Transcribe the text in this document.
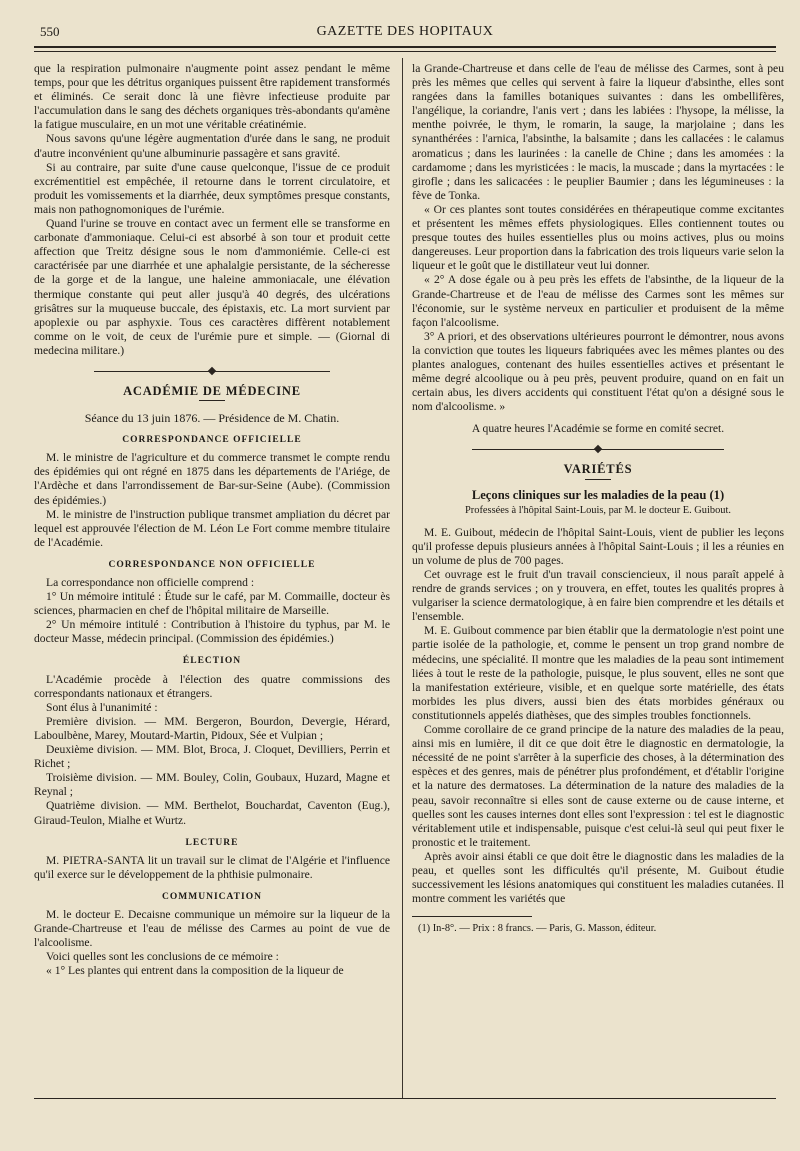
550	GAZETTE DES HOPITAUX

que la respiration pulmonaire n'augmente point assez pendant le même temps, pour que les détritus organiques puissent être rapidement transformés et éliminés. Ce serait donc là une fièvre infectieuse produite par l'accumulation dans le sang des déchets organiques très-abondants qu'amène la fatigue musculaire, en un mot une véritable créatinémie.

Nous savons qu'une légère augmentation d'urée dans le sang, ne produit d'autre inconvénient qu'une albuminurie passagère et sans gravité.

Si au contraire, par suite d'une cause quelconque, l'issue de ce produit excrémentitiel est empêchée, il retourne dans le torrent circulatoire, et produit les vomissements et la diarrhée, deux symptômes presque constants, mais non pathognomoniques de l'urémie.

Quand l'urine se trouve en contact avec un ferment elle se transforme en carbonate d'ammoniaque. Celui-ci est absorbé à son tour et produit cette affection que Treitz désigne sous le nom d'ammoniémie. Celle-ci est caractérisée par une diarrhée et une aphalalgie persistante, de la sécheresse de la gorge et de la langue, une haleine ammoniacale, une élévation thermique constante qui peut aller jusqu'à 40 degrés, des ulcérations grisâtres sur la muqueuse buccale, des épistaxis, etc. La mort survient par apoplexie ou par asphyxie. Tous ces caractères diffèrent notablement comme on le voit, de ceux de l'urémie pure et simple. — (Giornal di medecina militare.)

ACADÉMIE DE MÉDECINE

Séance du 13 juin 1876. — Présidence de M. Chatin.

CORRESPONDANCE OFFICIELLE

M. le ministre de l'agriculture et du commerce transmet le compte rendu des épidémies qui ont régné en 1875 dans les départements de l'Ariége, de l'Ardèche et dans l'arrondissement de Bar-sur-Seine (Aube). (Commission des épidémies.)

M. le ministre de l'instruction publique transmet ampliation du décret par lequel est approuvée l'élection de M. Léon Le Fort comme membre titulaire de l'Académie.

CORRESPONDANCE NON OFFICIELLE

La correspondance non officielle comprend :

1° Un mémoire intitulé : Étude sur le café, par M. Commaille, docteur ès sciences, pharmacien en chef de l'hôpital militaire de Marseille.

2° Un mémoire intitulé : Contribution à l'histoire du typhus, par M. le docteur Masse, médecin principal. (Commission des épidémies.)

ÉLECTION

L'Académie procède à l'élection des quatre commissions des correspondants nationaux et étrangers.

Sont élus à l'unanimité :

Première division. — MM. Bergeron, Bourdon, Devergie, Hérard, Laboulbène, Marey, Moutard-Martin, Pidoux, Sée et Vulpian ;

Deuxième division. — MM. Blot, Broca, J. Cloquet, Devilliers, Perrin et Richet ;

Troisième division. — MM. Bouley, Colin, Goubaux, Huzard, Magne et Reynal ;

Quatrième division. — MM. Berthelot, Bouchardat, Caventon (Eug.), Giraud-Teulon, Mialhe et Wurtz.

LECTURE

M. PIETRA-SANTA lit un travail sur le climat de l'Algérie et l'influence qu'il exerce sur le développement de la phthisie pulmonaire.

COMMUNICATION

M. le docteur E. Decaisne communique un mémoire sur la liqueur de la Grande-Chartreuse et l'eau de mélisse des Carmes au point de vue de l'alcoolisme.

Voici quelles sont les conclusions de ce mémoire :

« 1° Les plantes qui entrent dans la composition de la liqueur de

la Grande-Chartreuse et dans celle de l'eau de mélisse des Carmes, sont à peu près les mêmes que celles qui servent à faire la liqueur d'absinthe, elles sont rangées dans la familles botaniques suivantes : dans les ombellifères, l'angélique, la coriandre, l'anis vert ; dans les labiées : l'hysope, la mélisse, la menthe poivrée, le thym, le romarin, la sauge, la marjolaine ; dans les synanthérées : l'arnica, l'absinthe, la balsamite ; dans les callacées : le calamus aromaticus ; dans les laurinées : la canelle de Chine ; dans les amomées : la cardamome ; dans les myristicées : le macis, la muscade ; dans la myrtacées : le girofle ; dans les salicacées : le peuplier Baumier ; dans les légumineuses : la fève de Tonka.

« Or ces plantes sont toutes considérées en thérapeutique comme excitantes et présentent les mêmes effets physiologiques. Elles contiennent toutes ou presque toutes des huiles essentielles plus ou moins actives, plus ou moins dangereuses. Leur proportion dans la fabrication des trois liqueurs varie selon la liqueur et le goût que le distillateur veut lui donner.

« 2° A dose égale ou à peu près les effets de l'absinthe, de la liqueur de la Grande-Chartreuse et de l'eau de mélisse des Carmes sont les mêmes sur l'économie, sur le système nerveux en particulier et produisent de la même façon l'alcoolisme.

3° A priori, et des observations ultérieures pourront le démontrer, nous avons la conviction que toutes les liqueurs fabriquées avec les mêmes plantes ou des plantes analogues, contenant des huiles essentielles actives et présentant le même degré alcoolique ou à peu près, peuvent produire, quand on en fait un certain abus, les divers accidents qui constituent l'état qu'on a désigné sous le nom d'alcoolisme. »

A quatre heures l'Académie se forme en comité secret.

VARIÉTÉS
Leçons cliniques sur les maladies de la peau (1)
Professées à l'hôpital Saint-Louis, par M. le docteur E. Guibout.

M. E. Guibout, médecin de l'hôpital Saint-Louis, vient de publier les leçons qu'il professe depuis plusieurs années à l'hôpital Saint-Louis ; il les a réunies en un volume de plus de 700 pages.

Cet ouvrage est le fruit d'un travail consciencieux, il nous paraît appelé à rendre de grands services ; on y trouvera, en effet, toutes les qualités propres à vulgariser la science dermatologique, à en faire bien comprendre et les détails et l'ensemble.

M. E. Guibout commence par bien établir que la dermatologie n'est point une partie isolée de la pathologie, et, comme le pensent un trop grand nombre de médecins, une spécialité. Il montre que les maladies de la peau sont intimement liées à tout le reste de la pathologie, puisque, le plus souvent, elles ne sont que la manifestation extérieure, visible, et en quelque sorte matérielle, des états morbides les plus divers, aussi bien des états morbides généraux ou constitutionnels appelés diathèses, que des simples troubles fonctionnels.

Comme corollaire de ce grand principe de la nature des maladies de la peau, ainsi mis en lumière, il dit ce que doit être le diagnostic en dermatologie, la nécessité de ne point s'arrêter à la superficie des choses, à la détermination des espèces et des genres, mais de pénétrer plus profondément, et d'établir l'origine et la nature des dermatoses. La détermination de la nature des maladies de la peau, savoir reconnaître si elles sont de cause externe ou de cause interne, et quelles sont les causes internes dont elles sont l'expression : tel est le diagnostic véritablement utile et indispensable, puisque c'est celui-là seul qui peut fixer le pronostic et le traitement.

Après avoir ainsi établi ce que doit être le diagnostic dans les maladies de la peau, et quelles sont les difficultés qu'il présente, M. Guibout étudie successivement les lésions anatomiques qui constituent les maladies cutanées. Il montre comment les variétés que

(1) In-8°. — Prix : 8 francs. — Paris, G. Masson, éditeur.
